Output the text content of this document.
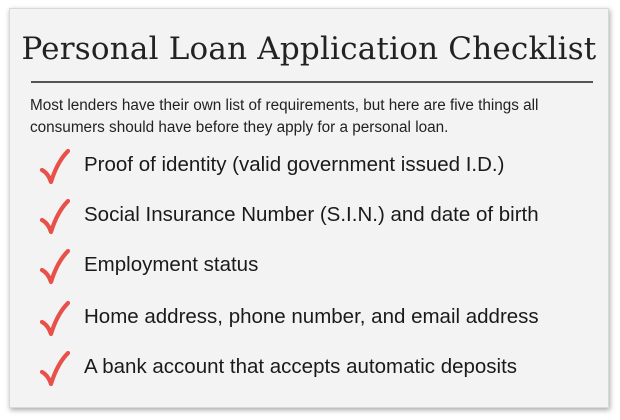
Personal Loan Application Checklist
Most lenders have their own list of requirements, but here are five things all
consumers should have before they apply for a personal loan.
Proof of identity (valid government issued I.D.)
Social Insurance Number (S.I.N.) and date of birth
Employment status
Home address, phone number, and email address
A bank account that accepts automatic deposits
